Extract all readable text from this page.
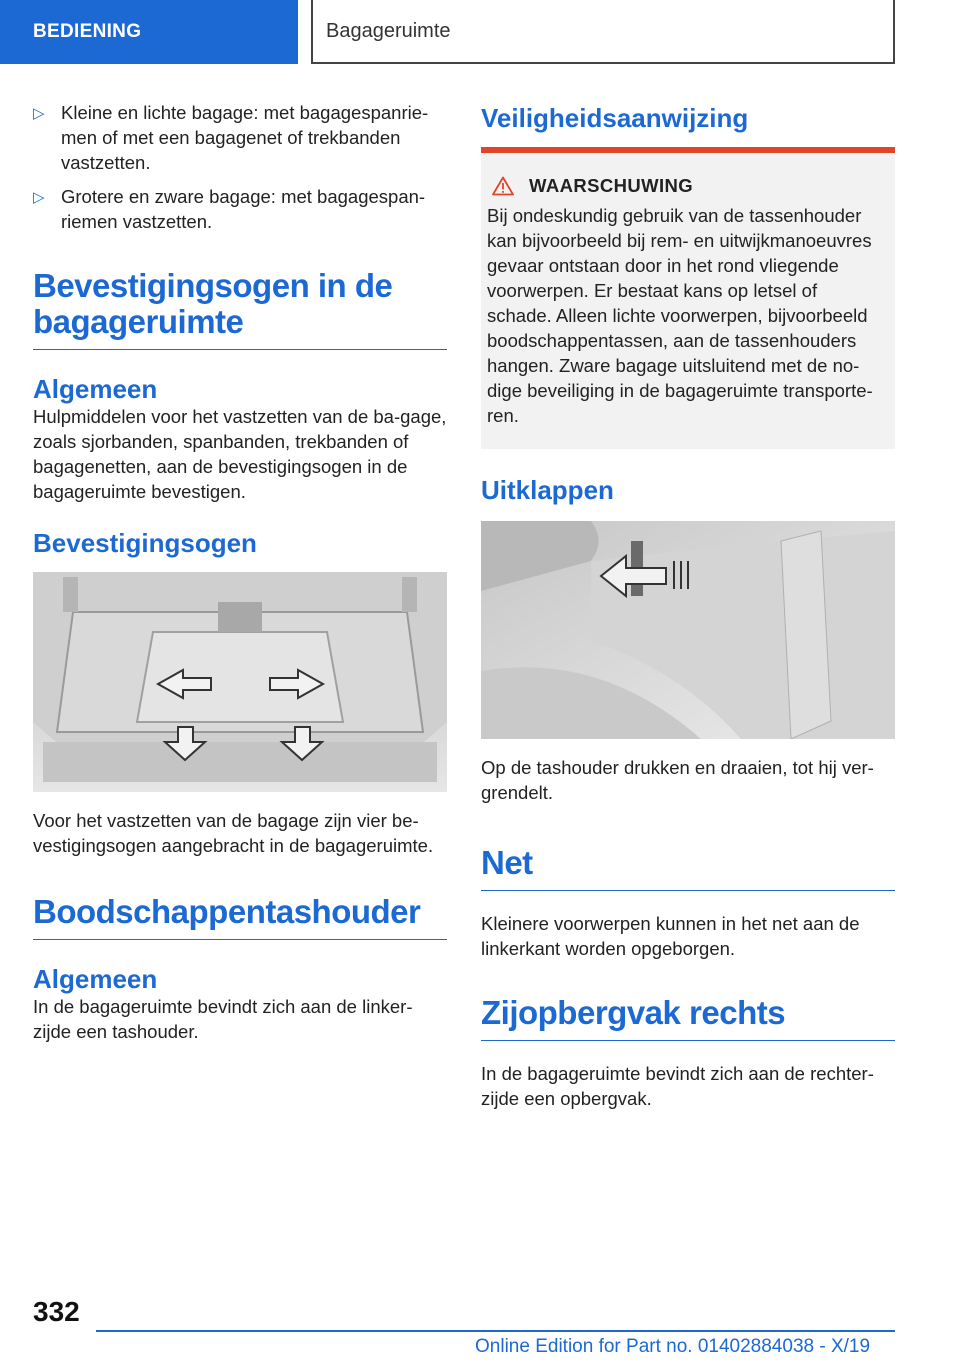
BEDIENING	Bagageruimte
▷ Kleine en lichte bagage: met bagagespanrie-men of met een bagagenet of trekbanden vastzetten.
▷ Grotere en zware bagage: met bagagespan-riemen vastzetten.
Bevestigingsogen in de bagageruimte
Algemeen

Hulpmiddelen voor het vastzetten van de ba-gage, zoals sjorbanden, spanbanden, trekbanden of bagagenetten, aan de bevestigingsogen in de bagageruimte bevestigen.

Bevestigingsogen

Voor het vastzetten van de bagage zijn vier be-vestigingsogen aangebracht in de bagageruimte.

Boodschappentashouder
Algemeen

In de bagageruimte bevindt zich aan de linker-zijde een tashouder.

Veiligheidsaanwijzing
WAARSCHUWING

Bij ondeskundig gebruik van de tassenhouder kan bijvoorbeeld bij rem- en uitwijkmanoeuvres gevaar ontstaan door in het rond vliegende voorwerpen. Er bestaat kans op letsel of schade. Alleen lichte voorwerpen, bijvoorbeeld boodschappentassen, aan de tassenhouders hangen. Zware bagage uitsluitend met de no-dige beveiliging in de bagageruimte transporte-ren.

Uitklappen

Op de tashouder drukken en draaien, tot hij ver-grendelt.

Net

Kleinere voorwerpen kunnen in het net aan de linkerkant worden opgeborgen.

Zijopbergvak rechts

In de bagageruimte bevindt zich aan de rechter-zijde een opbergvak.

332
Online Edition for Part no. 01402884038 - X/19
